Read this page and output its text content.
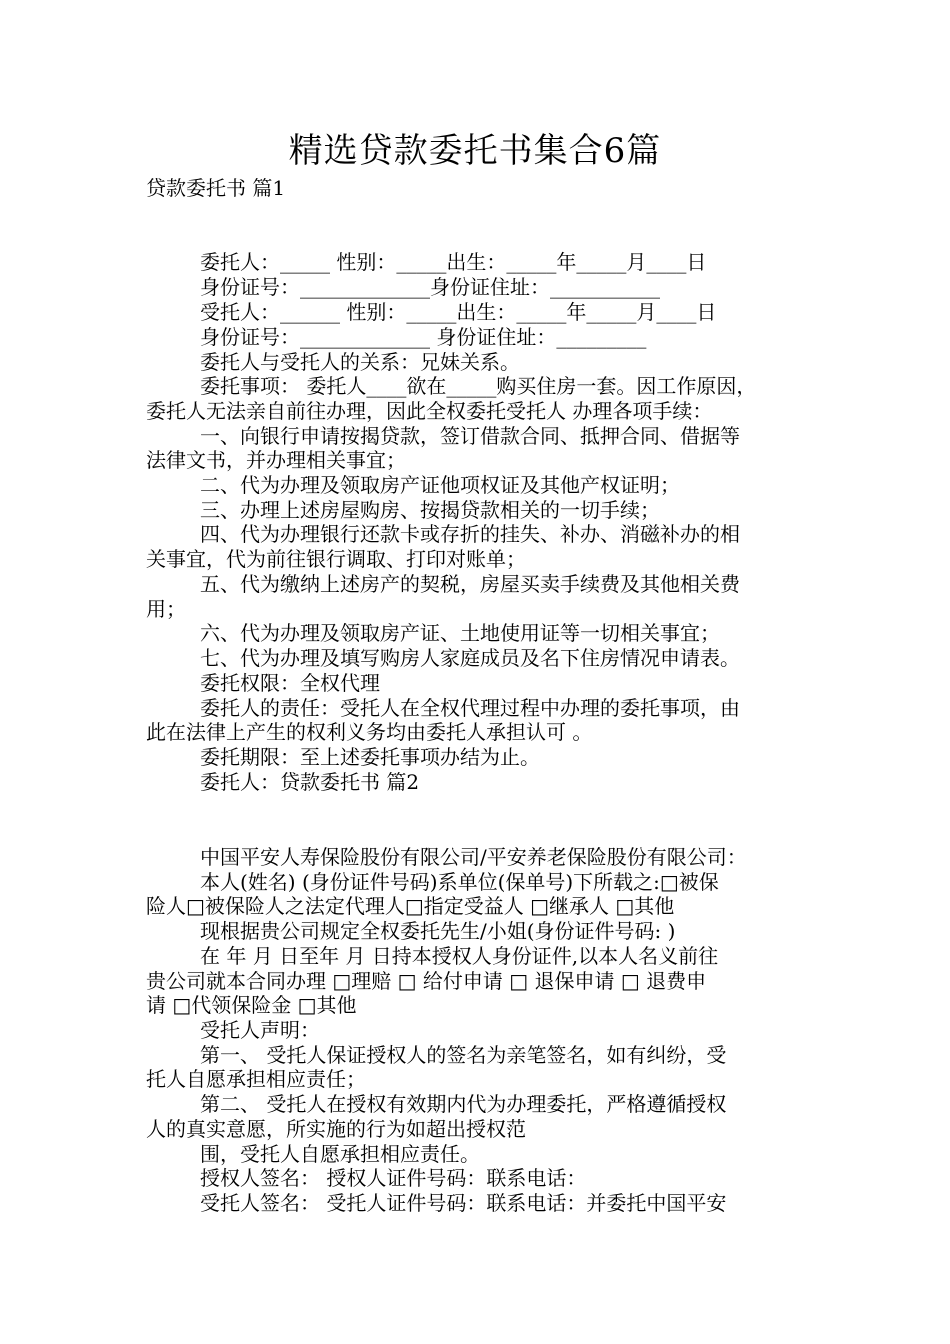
精选贷款委托书集合6篇
贷款委托书 篇1
委托人：_____ 性别：_____出生：_____年_____月____日
身份证号：_____________身份证住址：___________
受托人：______ 性别：_____出生：_____年_____月____日
身份证号：_____________ 身份证住址：_________
委托人与受托人的关系：兄妹关系。
委托事项： 委托人____欲在_____购买住房一套。因工作原因，
委托人无法亲自前往办理，因此全权委托受托人 办理各项手续：
一、向银行申请按揭贷款，签订借款合同、抵押合同、借据等
法律文书，并办理相关事宜；
二、代为办理及领取房产证他项权证及其他产权证明；
三、办理上述房屋购房、按揭贷款相关的一切手续；
四、代为办理银行还款卡或存折的挂失、补办、消磁补办的相
关事宜，代为前往银行调取、打印对账单；
五、代为缴纳上述房产的契税，房屋买卖手续费及其他相关费
用；
六、代为办理及领取房产证、土地使用证等一切相关事宜；
七、代为办理及填写购房人家庭成员及名下住房情况申请表。
委托权限：全权代理
委托人的责任：受托人在全权代理过程中办理的委托事项，由
此在法律上产生的权利义务均由委托人承担认可 。
委托期限：至上述委托事项办结为止。
委托人：贷款委托书 篇2
中国平安人寿保险股份有限公司/平安养老保险股份有限公司：
本人(姓名) (身份证件号码)系单位(保单号)下所载之:□被保
险人□被保险人之法定代理人□指定受益人 □继承人 □其他
现根据贵公司规定全权委托先生/小姐(身份证件号码: )
在 年 月 日至年 月 日持本授权人身份证件,以本人名义前往
贵公司就本合同办理 □理赔 □ 给付申请 □ 退保申请 □ 退费申
请 □代领保险金 □其他
受托人声明：
第一、 受托人保证授权人的签名为亲笔签名，如有纠纷，受
托人自愿承担相应责任；
第二、 受托人在授权有效期内代为办理委托，严格遵循授权
人的真实意愿，所实施的行为如超出授权范
围，受托人自愿承担相应责任。
授权人签名： 授权人证件号码：联系电话：
受托人签名： 受托人证件号码：联系电话：并委托中国平安
